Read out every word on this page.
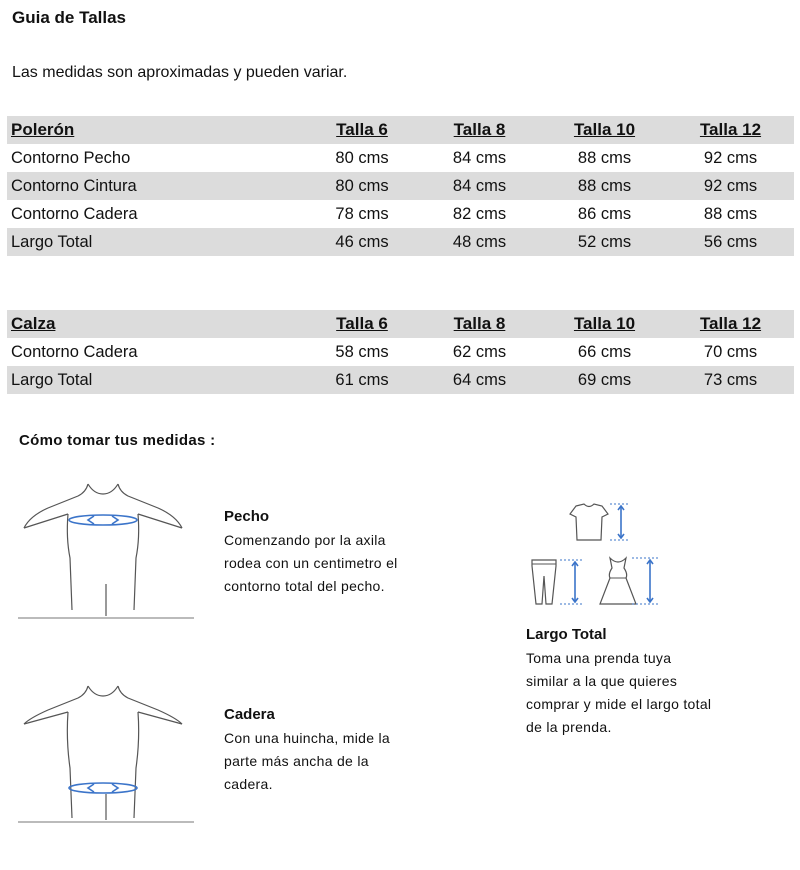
Guia de Tallas
Las medidas son aproximadas y pueden variar.
Polerón	Talla 6	Talla 8	Talla 10	Talla 12
Contorno Pecho	80 cms	84 cms	88 cms	92 cms
Contorno Cintura	80 cms	84 cms	88 cms	92 cms
Contorno Cadera	78 cms	82 cms	86 cms	88 cms
Largo Total	46 cms	48 cms	52 cms	56 cms
Calza	Talla 6	Talla 8	Talla 10	Talla 12
Contorno Cadera	58 cms	62 cms	66 cms	70 cms
Largo Total	61 cms	64 cms	69 cms	73 cms
Cómo tomar tus medidas :
Pecho
Comenzando por la axila
rodea con un centimetro el
contorno total del pecho.
Cadera
Con una huincha, mide la
parte más ancha de la
cadera.
Largo Total
Toma una prenda tuya
similar a la que quieres
comprar y mide el largo total
de la prenda.
